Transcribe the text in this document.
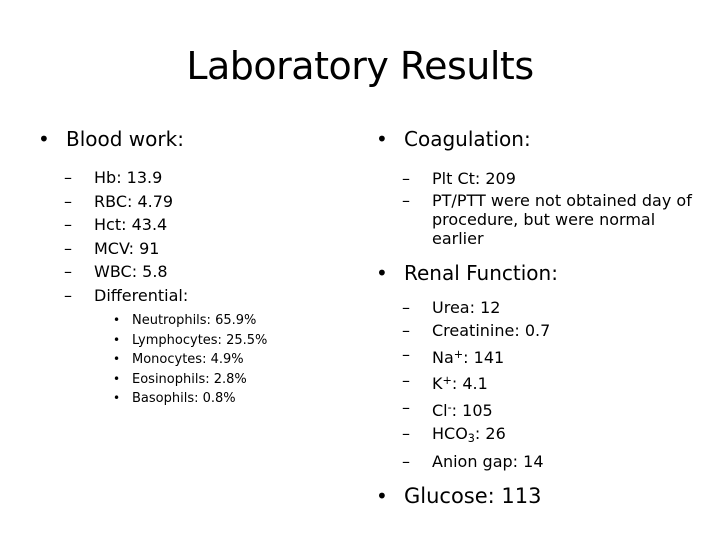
Laboratory Results

• Blood work:

– Hb: 13.9

– RBC: 4.79

– Hct: 43.4

– MCV: 91

– WBC: 5.8

– Differential:

• Neutrophils: 65.9%

• Lymphocytes: 25.5%

• Monocytes: 4.9%

• Eosinophils: 2.8%

• Basophils: 0.8%

• Coagulation:

– Plt Ct: 209

– PT/PTT were not obtained day of procedure, but were normal earlier

• Renal Function:

– Urea: 12

– Creatinine: 0.7

– Na+: 141

– K+: 4.1

– Cl-: 105

– $HCO_3$: 26

– Anion gap: 14

• Glucose: 113
